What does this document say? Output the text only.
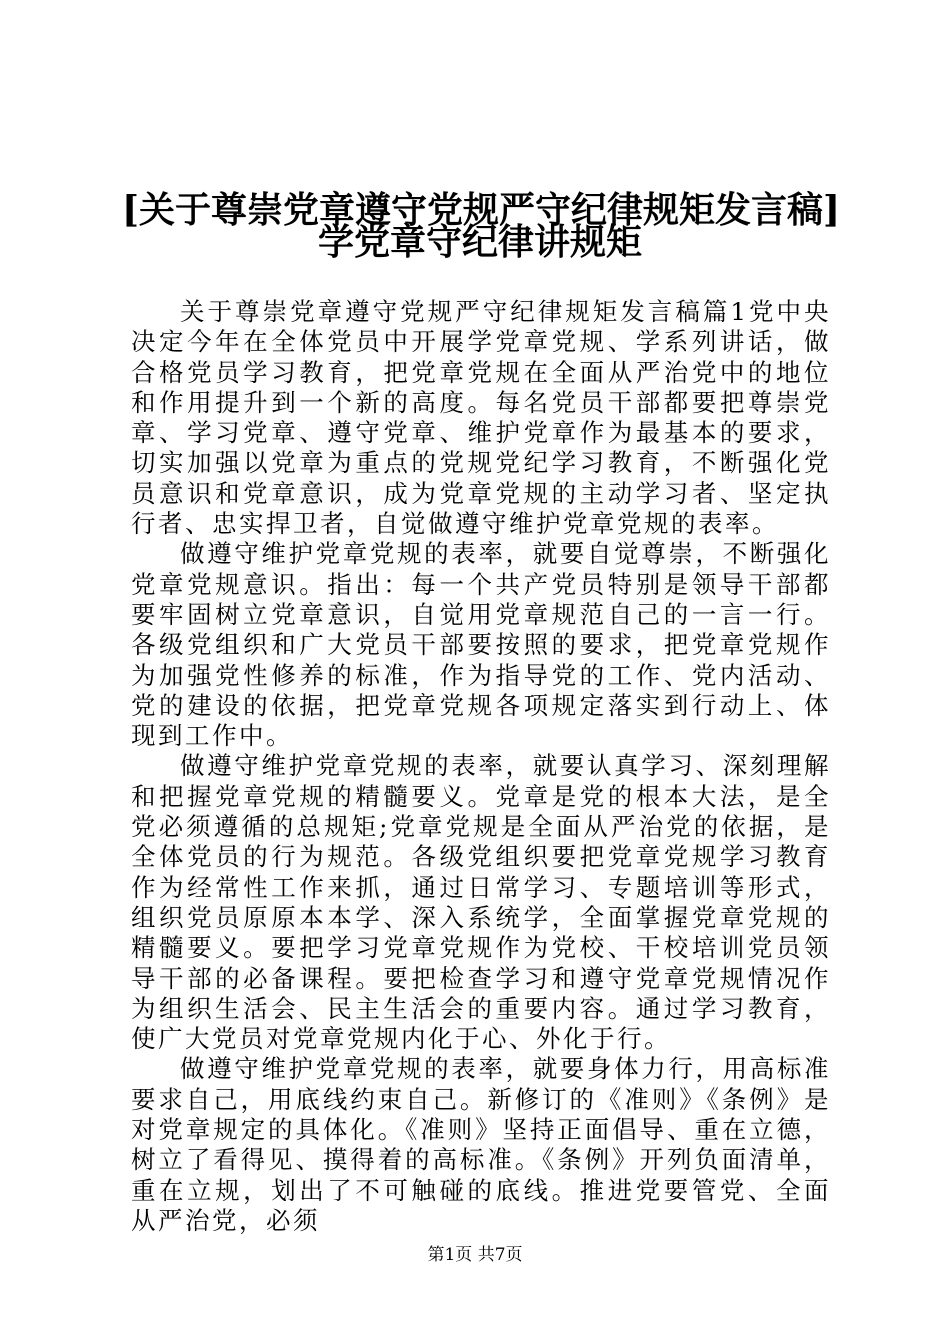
[关于尊崇党章遵守党规严守纪律规矩发言稿]
学党章守纪律讲规矩

关于尊崇党章遵守党规严守纪律规矩发言稿篇1党中央决定今年在全体党员中开展学党章党规、学系列讲话，做合格党员学习教育，把党章党规在全面从严治党中的地位和作用提升到一个新的高度。每名党员干部都要把尊崇党章、学习党章、遵守党章、维护党章作为最基本的要求，切实加强以党章为重点的党规党纪学习教育，不断强化党员意识和党章意识，成为党章党规的主动学习者、坚定执行者、忠实捍卫者，自觉做遵守维护党章党规的表率。

做遵守维护党章党规的表率，就要自觉尊崇，不断强化党章党规意识。指出：每一个共产党员特别是领导干部都要牢固树立党章意识，自觉用党章规范自己的一言一行。各级党组织和广大党员干部要按照的要求，把党章党规作为加强党性修养的标准，作为指导党的工作、党内活动、党的建设的依据，把党章党规各项规定落实到行动上、体现到工作中。

做遵守维护党章党规的表率，就要认真学习、深刻理解和把握党章党规的精髓要义。党章是党的根本大法，是全党必须遵循的总规矩;党章党规是全面从严治党的依据，是全体党员的行为规范。各级党组织要把党章党规学习教育作为经常性工作来抓，通过日常学习、专题培训等形式，组织党员原原本本学、深入系统学，全面掌握党章党规的精髓要义。要把学习党章党规作为党校、干校培训党员领导干部的必备课程。要把检查学习和遵守党章党规情况作为组织生活会、民主生活会的重要内容。通过学习教育，使广大党员对党章党规内化于心、外化于行。

做遵守维护党章党规的表率，就要身体力行，用高标准要求自己，用底线约束自己。新修订的《准则》《条例》是对党章规定的具体化。《准则》坚持正面倡导、重在立德，树立了看得见、摸得着的高标准。《条例》开列负面清单，重在立规，划出了不可触碰的底线。推进党要管党、全面从严治党，必须

第1页 共7页
